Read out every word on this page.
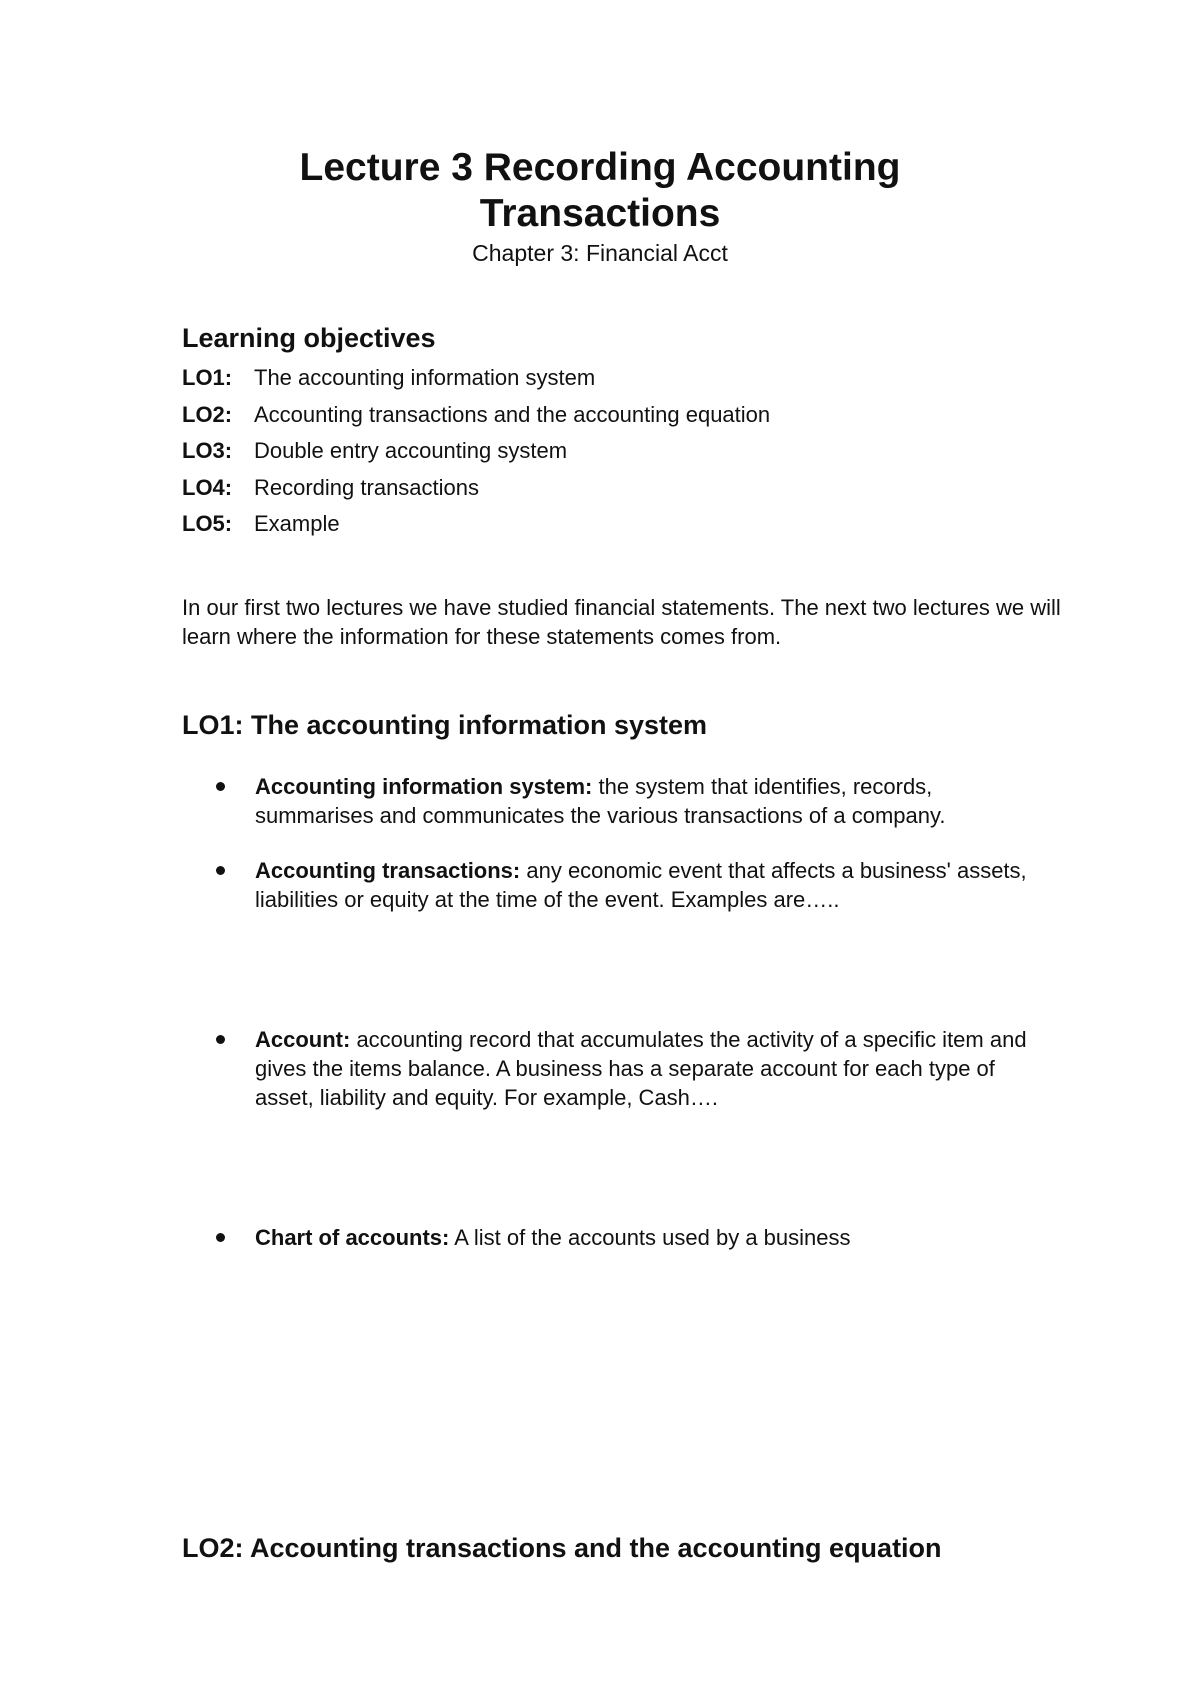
Lecture 3 Recording Accounting Transactions
Chapter 3: Financial Acct
Learning objectives
LO1: The accounting information system
LO2: Accounting transactions and the accounting equation
LO3: Double entry accounting system
LO4: Recording transactions
LO5: Example

In our first two lectures we have studied financial statements. The next two lectures we will learn where the information for these statements comes from.

LO1: The accounting information system
Accounting information system: the system that identifies, records, summarises and communicates the various transactions of a company.
Accounting transactions: any economic event that affects a business' assets, liabilities or equity at the time of the event. Examples are…..
Account: accounting record that accumulates the activity of a specific item and gives the items balance. A business has a separate account for each type of asset, liability and equity. For example, Cash….
Chart of accounts: A list of the accounts used by a business
LO2: Accounting transactions and the accounting equation
